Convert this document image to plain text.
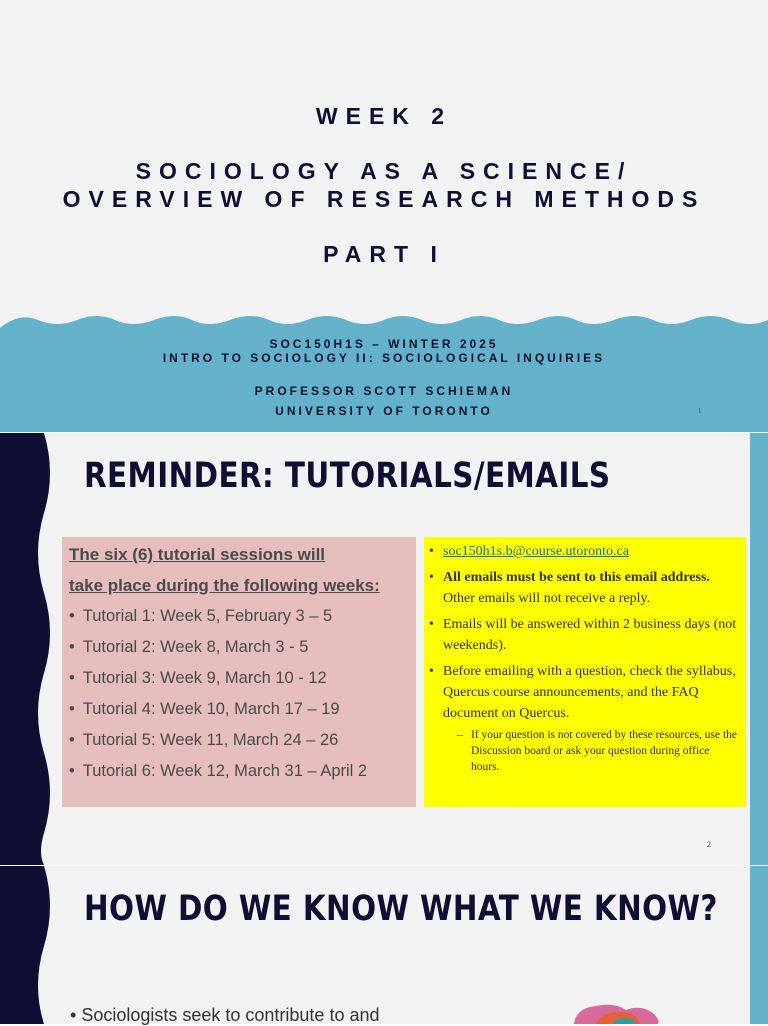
WEEK 2
SOCIOLOGY AS A SCIENCE/
OVERVIEW OF RESEARCH METHODS
PART I
SOC150H1S – WINTER 2025
INTRO TO SOCIOLOGY II: SOCIOLOGICAL INQUIRIES
PROFESSOR SCOTT SCHIEMAN
UNIVERSITY OF TORONTO	1
REMINDER: TUTORIALS/EMAILS
The six (6) tutorial sessions will
take place during the following weeks:
• Tutorial 1: Week 5, February 3 – 5
• Tutorial 2: Week 8, March 3 - 5
• Tutorial 3: Week 9, March 10 - 12
• Tutorial 4: Week 10, March 17 – 19
• Tutorial 5: Week 11, March 24 – 26
• Tutorial 6: Week 12, March 31 – April 2
• soc150h1s.b@course.utoronto.ca
• All emails must be sent to this email address. Other emails will not receive a reply.
• Emails will be answered within 2 business days (not weekends).
• Before emailing with a question, check the syllabus, Quercus course announcements, and the FAQ document on Quercus.
– If your question is not covered by these resources, use the Discussion board or ask your question during office hours.
2
HOW DO WE KNOW WHAT WE KNOW?
• Sociologists seek to contribute to and
